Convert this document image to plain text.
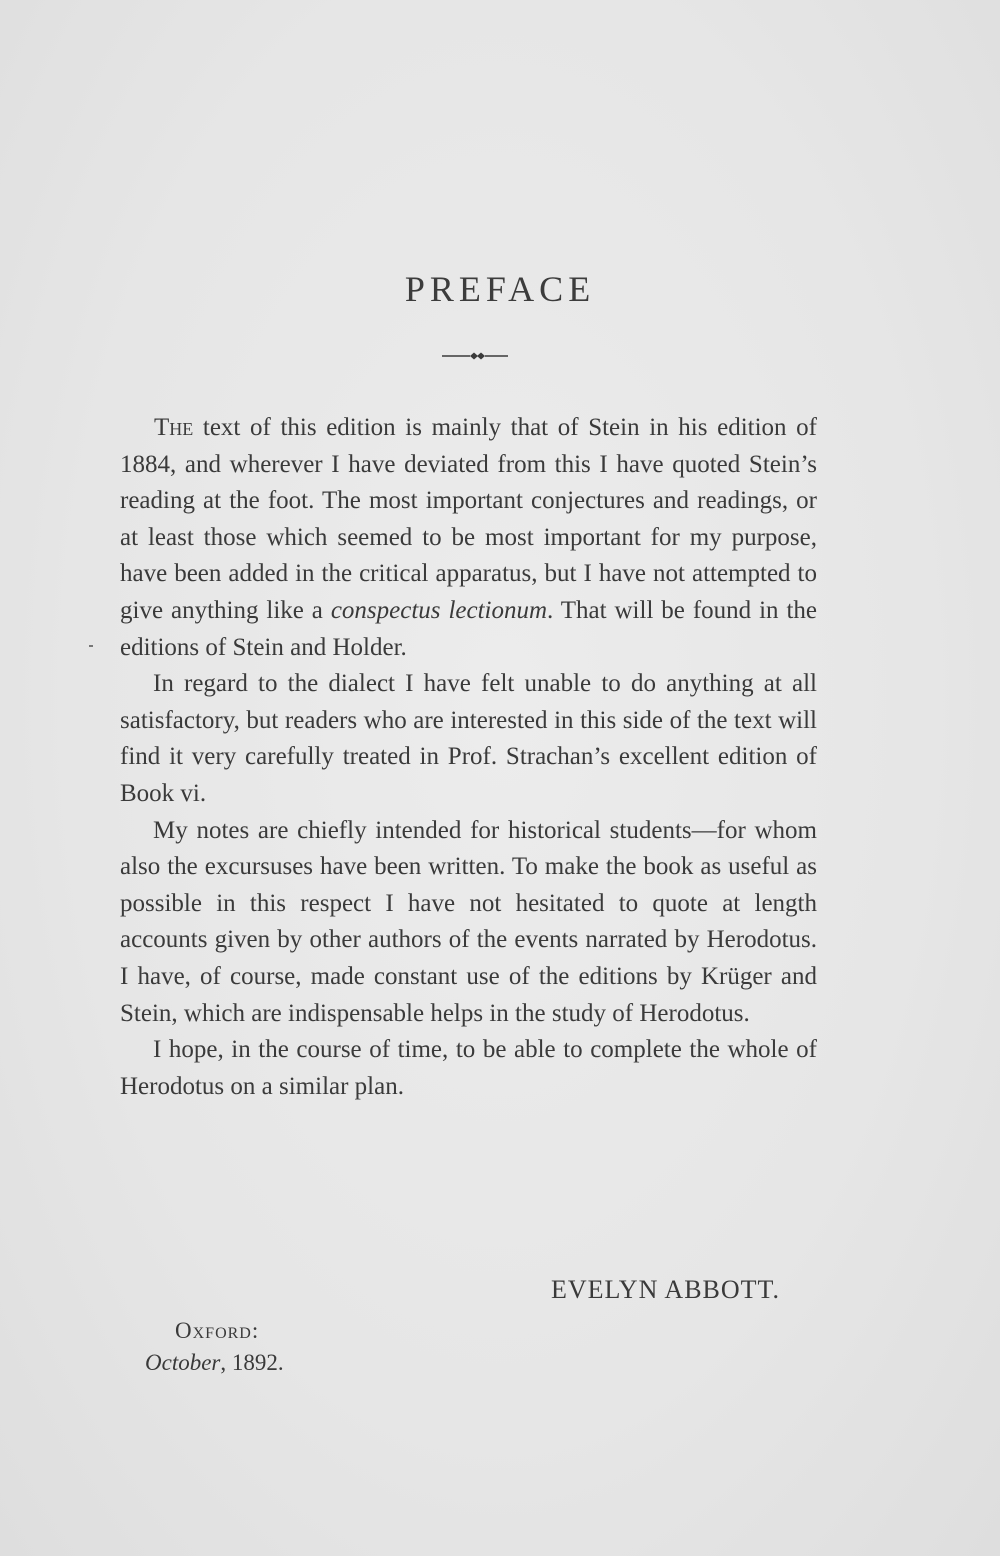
PREFACE

The text of this edition is mainly that of Stein in his edition of 1884, and wherever I have deviated from this I have quoted Stein’s reading at the foot. The most important conjectures and readings, or at least those which seemed to be most important for my purpose, have been added in the critical apparatus, but I have not attempted to give anything like a conspectus lectionum. That will be found in the editions of Stein and Holder.

In regard to the dialect I have felt unable to do anything at all satisfactory, but readers who are interested in this side of the text will find it very carefully treated in Prof. Strachan’s excellent edition of Book vi.

My notes are chiefly intended for historical students—for whom also the excursuses have been written. To make the book as useful as possible in this respect I have not hesitated to quote at length accounts given by other authors of the events narrated by Herodotus. I have, of course, made constant use of the editions by Krüger and Stein, which are indispensable helps in the study of Herodotus.

I hope, in the course of time, to be able to complete the whole of Herodotus on a similar plan.

EVELYN ABBOTT.
Oxford:
October, 1892.
